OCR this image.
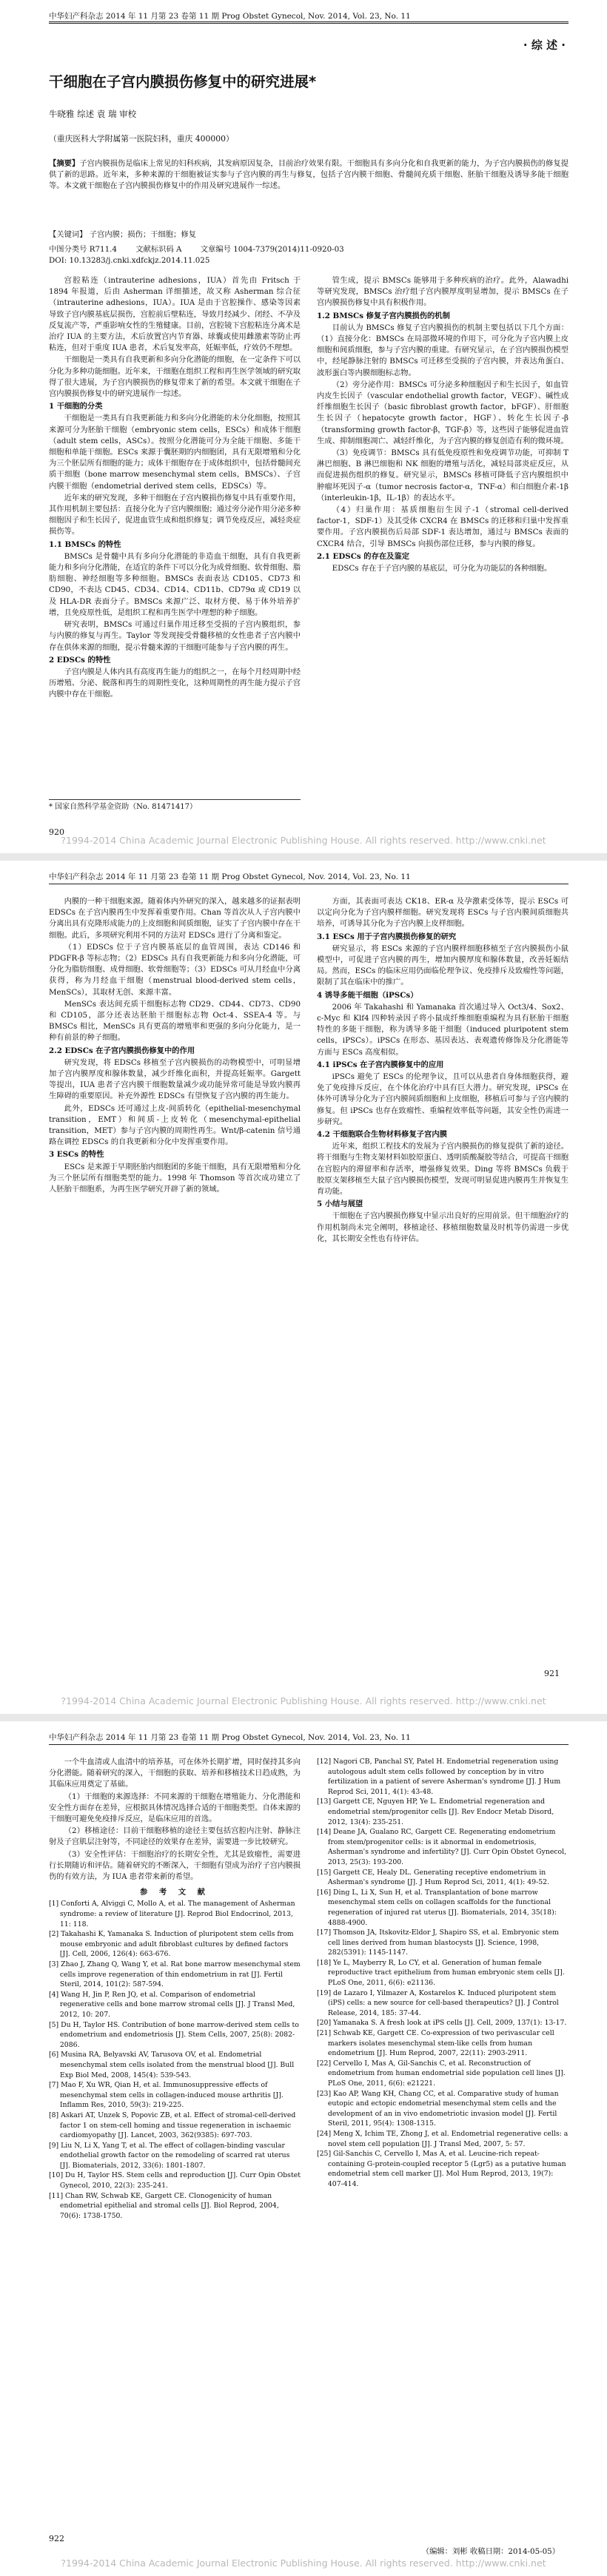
中华妇产科杂志 2014 年 11 月第 23 卷第 11 期 Prog Obstet Gynecol, Nov. 2014, Vol. 23, No. 11
· 综 述 ·
干细胞在子宫内膜损伤修复中的研究进展*
牛晓雅 综述 袁 瑞 审校
（重庆医科大学附属第一医院妇科，重庆 400000）
【摘要】子宫内膜损伤是临床上常见的妇科疾病，其发病原因复杂，目前治疗效果有限。干细胞具有多向分化和自我更新的能力，为子宫内膜损伤的修复提供了新的思路。近年来，多种来源的干细胞被证实参与子宫内膜的再生与修复，包括子宫内膜干细胞、骨髓间充质干细胞、胚胎干细胞及诱导多能干细胞等。本文就干细胞在子宫内膜损伤修复中的作用及研究进展作一综述。
【关键词】 子宫内膜；损伤；干细胞；修复
中图分类号 R711.4 文献标识码 A 文章编号 1004-7379(2014)11-0920-03
DOI: 10.13283/j.cnki.xdfckjz.2014.11.025

宫腔粘连（intrauterine adhesions，IUA）首先由 Fritsch 于 1894 年报道，后由 Asherman 详细描述，故又称 Asherman 综合征（intrauterine adhesions，IUA）。IUA 是由于宫腔操作、感染等因素导致子宫内膜基底层损伤，宫腔前后壁粘连，导致月经减少、闭经、不孕及反复流产等，严重影响女性的生殖健康。目前，宫腔镜下宫腔粘连分离术是治疗 IUA 的主要方法，术后放置宫内节育器、球囊或使用雌激素等防止再粘连，但对于重度 IUA 患者，术后复发率高，妊娠率低，疗效仍不理想。

干细胞是一类具有自我更新和多向分化潜能的细胞，在一定条件下可以分化为多种功能细胞。近年来，干细胞在组织工程和再生医学领域的研究取得了很大进展，为子宫内膜损伤的修复带来了新的希望。本文就干细胞在子宫内膜损伤修复中的研究进展作一综述。

1 干细胞的分类

干细胞是一类具有自我更新能力和多向分化潜能的未分化细胞，按照其来源可分为胚胎干细胞（embryonic stem cells，ESCs）和成体干细胞（adult stem cells，ASCs）。按照分化潜能可分为全能干细胞、多能干细胞和单能干细胞。ESCs 来源于囊胚期的内细胞团，具有无限增殖和分化为三个胚层所有细胞的能力；成体干细胞存在于成体组织中，包括骨髓间充质干细胞（bone marrow mesenchymal stem cells，BMSCs）、子宫内膜干细胞（endometrial derived stem cells，EDSCs）等。

近年来的研究发现，多种干细胞在子宫内膜损伤修复中具有重要作用，其作用机制主要包括：直接分化为子宫内膜细胞；通过旁分泌作用分泌多种细胞因子和生长因子，促进血管生成和组织修复；调节免疫反应，减轻炎症损伤等。

1.1 BMSCs 的特性

BMSCs 是骨髓中具有多向分化潜能的非造血干细胞，具有自我更新能力和多向分化潜能，在适宜的条件下可以分化为成骨细胞、软骨细胞、脂肪细胞、神经细胞等多种细胞。BMSCs 表面表达 CD105、CD73 和 CD90，不表达 CD45、CD34、CD14、CD11b、CD79α 或 CD19 以及 HLA-DR 表面分子。BMSCs 来源广泛、取材方便、易于体外培养扩增，且免疫原性低，是组织工程和再生医学中理想的种子细胞。

研究表明，BMSCs 可通过归巢作用迁移至受损的子宫内膜组织，参与内膜的修复与再生。Taylor 等发现接受骨髓移植的女性患者子宫内膜中存在供体来源的细胞，提示骨髓来源的干细胞可能参与子宫内膜的再生。

2 EDSCs 的特性

子宫内膜是人体内具有高度再生能力的组织之一，在每个月经周期中经历增殖、分泌、脱落和再生的周期性变化，这种周期性的再生能力提示子宫内膜中存在干细胞。

管生成，提示 BMSCs 能够用于多种疾病的治疗。此外，Alawadhi 等研究发现，BMSCs 治疗组子宫内膜厚度明显增加，提示 BMSCs 在子宫内膜损伤修复中具有积极作用。

1.2 BMSCs 修复子宫内膜损伤的机制

目前认为 BMSCs 修复子宫内膜损伤的机制主要包括以下几个方面：（1）直接分化：BMSCs 在局部微环境的作用下，可分化为子宫内膜上皮细胞和间质细胞，参与子宫内膜的重建。有研究显示，在子宫内膜损伤模型中，经尾静脉注射的 BMSCs 可迁移至受损的子宫内膜，并表达角蛋白、波形蛋白等内膜细胞标志物。

（2）旁分泌作用：BMSCs 可分泌多种细胞因子和生长因子，如血管内皮生长因子（vascular endothelial growth factor，VEGF）、碱性成纤维细胞生长因子（basic fibroblast growth factor，bFGF）、肝细胞生长因子（hepatocyte growth factor，HGF）、转化生长因子-β（transforming growth factor-β，TGF-β）等，这些因子能够促进血管生成、抑制细胞凋亡、减轻纤维化，为子宫内膜的修复创造有利的微环境。

（3）免疫调节：BMSCs 具有低免疫原性和免疫调节功能，可抑制 T 淋巴细胞、B 淋巴细胞和 NK 细胞的增殖与活化，减轻局部炎症反应，从而促进损伤组织的修复。研究显示，BMSCs 移植可降低子宫内膜组织中肿瘤坏死因子-α（tumor necrosis factor-α，TNF-α）和白细胞介素-1β（interleukin-1β，IL-1β）的表达水平。

（4）归巢作用：基质细胞衍生因子-1（stromal cell-derived factor-1，SDF-1）及其受体 CXCR4 在 BMSCs 的迁移和归巢中发挥重要作用。子宫内膜损伤后局部 SDF-1 表达增加，通过与 BMSCs 表面的 CXCR4 结合，引导 BMSCs 向损伤部位迁移，参与内膜的修复。

2.1 EDSCs 的存在及鉴定

EDSCs 存在于子宫内膜的基底层，可分化为功能层的各种细胞。

* 国家自然科学基金资助（No. 81471417）
920
?1994-2014 China Academic Journal Electronic Publishing House. All rights reserved. http://www.cnki.net
中华妇产科杂志 2014 年 11 月第 23 卷第 11 期 Prog Obstet Gynecol, Nov. 2014, Vol. 23, No. 11

内膜的一种干细胞来源。随着体内外研究的深入，越来越多的证据表明 EDSCs 在子宫内膜再生中发挥着重要作用。Chan 等首次从人子宫内膜中分离出具有克隆形成能力的上皮细胞和间质细胞，证实了子宫内膜中存在干细胞。此后，多项研究利用不同的方法对 EDSCs 进行了分离和鉴定。

（1）EDSCs 位于子宫内膜基底层的血管周围，表达 CD146 和 PDGFR-β 等标志物；（2）EDSCs 具有自我更新能力和多向分化潜能，可分化为脂肪细胞、成骨细胞、软骨细胞等；（3）EDSCs 可从月经血中分离获得，称为月经血干细胞（menstrual blood-derived stem cells，MenSCs），其取材无创、来源丰富。

MenSCs 表达间充质干细胞标志物 CD29、CD44、CD73、CD90 和 CD105，部分还表达胚胎干细胞标志物 Oct-4、SSEA-4 等。与 BMSCs 相比，MenSCs 具有更高的增殖率和更强的多向分化能力，是一种有前景的种子细胞。

2.2 EDSCs 在子宫内膜损伤修复中的作用

研究发现，将 EDSCs 移植至子宫内膜损伤的动物模型中，可明显增加子宫内膜厚度和腺体数量，减少纤维化面积，并提高妊娠率。Gargett 等提出，IUA 患者子宫内膜干细胞数量减少或功能异常可能是导致内膜再生障碍的重要原因。补充外源性 EDSCs 有望恢复子宫内膜的再生能力。

此外，EDSCs 还可通过上皮-间质转化（epithelial-mesenchymal transition，EMT）和间质-上皮转化（mesenchymal-epithelial transition，MET）参与子宫内膜的周期性再生。Wnt/β-catenin 信号通路在调控 EDSCs 的自我更新和分化中发挥重要作用。

3 ESCs 的特性

ESCs 是来源于早期胚胎内细胞团的多能干细胞，具有无限增殖和分化为三个胚层所有细胞类型的能力。1998 年 Thomson 等首次成功建立了人胚胎干细胞系，为再生医学研究开辟了新的领域。

方面，其表面可表达 CK18、ER-α 及孕激素受体等，提示 ESCs 可以定向分化为子宫内膜样细胞。研究发现将 ESCs 与子宫内膜间质细胞共培养，可诱导其分化为子宫内膜上皮样细胞。

3.1 ESCs 用于子宫内膜损伤修复的研究

研究显示，将 ESCs 来源的子宫内膜样细胞移植至子宫内膜损伤小鼠模型中，可促进子宫内膜的再生，增加内膜厚度和腺体数量，改善妊娠结局。然而，ESCs 的临床应用仍面临伦理争议、免疫排斥及致瘤性等问题，限制了其在临床中的推广。

4 诱导多能干细胞（iPSCs）

2006 年 Takahashi 和 Yamanaka 首次通过导入 Oct3/4、Sox2、c-Myc 和 Klf4 四种转录因子将小鼠成纤维细胞重编程为具有胚胎干细胞特性的多能干细胞，称为诱导多能干细胞（induced pluripotent stem cells，iPSCs）。iPSCs 在形态、基因表达、表观遗传修饰及分化潜能等方面与 ESCs 高度相似。

4.1 iPSCs 在子宫内膜修复中的应用

iPSCs 避免了 ESCs 的伦理争议，且可以从患者自身体细胞获得，避免了免疫排斥反应，在个体化治疗中具有巨大潜力。研究发现，iPSCs 在体外可诱导分化为子宫内膜间质细胞和上皮细胞，移植后可参与子宫内膜的修复。但 iPSCs 也存在致瘤性、重编程效率低等问题，其安全性仍需进一步研究。

4.2 干细胞联合生物材料修复子宫内膜

近年来，组织工程技术的发展为子宫内膜损伤的修复提供了新的途径。将干细胞与生物支架材料如胶原蛋白、透明质酸凝胶等结合，可提高干细胞在宫腔内的滞留率和存活率，增强修复效果。Ding 等将 BMSCs 负载于胶原支架移植至大鼠子宫内膜损伤模型，发现可明显促进内膜再生并恢复生育功能。

5 小结与展望

干细胞在子宫内膜损伤修复中显示出良好的应用前景。但干细胞治疗的作用机制尚未完全阐明，移植途径、移植细胞数量及时机等仍需进一步优化，其长期安全性也有待评估。

921
?1994-2014 China Academic Journal Electronic Publishing House. All rights reserved. http://www.cnki.net
中华妇产科杂志 2014 年 11 月第 23 卷第 11 期 Prog Obstet Gynecol, Nov. 2014, Vol. 23, No. 11

一个牛血清或人血清中的培养基，可在体外长期扩增，同时保持其多向分化潜能。随着研究的深入，干细胞的获取、培养和移植技术日趋成熟，为其临床应用奠定了基础。

（1）干细胞的来源选择：不同来源的干细胞在增殖能力、分化潜能和安全性方面存在差异，应根据具体情况选择合适的干细胞类型。自体来源的干细胞可避免免疫排斥反应，是临床应用的首选。

（2）移植途径：目前干细胞移植的途径主要包括宫腔内注射、静脉注射及子宫肌层注射等，不同途径的效果存在差异，需要进一步比较研究。

（3）安全性评估：干细胞治疗的长期安全性，尤其是致瘤性，需要进行长期随访和评估。随着研究的不断深入，干细胞有望成为治疗子宫内膜损伤的有效方法，为 IUA 患者带来新的希望。

参 考 文 献

[1] Conforti A, Alviggi C, Mollo A, et al. The management of Asherman syndrome: a review of literature [J]. Reprod Biol Endocrinol, 2013, 11: 118.

[2] Takahashi K, Yamanaka S. Induction of pluripotent stem cells from mouse embryonic and adult fibroblast cultures by defined factors [J]. Cell, 2006, 126(4): 663-676.

[3] Zhao J, Zhang Q, Wang Y, et al. Rat bone marrow mesenchymal stem cells improve regeneration of thin endometrium in rat [J]. Fertil Steril, 2014, 101(2): 587-594.

[4] Wang H, Jin P, Ren JQ, et al. Comparison of endometrial regenerative cells and bone marrow stromal cells [J]. J Transl Med, 2012, 10: 207.

[5] Du H, Taylor HS. Contribution of bone marrow-derived stem cells to endometrium and endometriosis [J]. Stem Cells, 2007, 25(8): 2082-2086.

[6] Musina RA, Belyavski AV, Tarusova OV, et al. Endometrial mesenchymal stem cells isolated from the menstrual blood [J]. Bull Exp Biol Med, 2008, 145(4): 539-543.

[7] Mao F, Xu WR, Qian H, et al. Immunosuppressive effects of mesenchymal stem cells in collagen-induced mouse arthritis [J]. Inflamm Res, 2010, 59(3): 219-225.

[8] Askari AT, Unzek S, Popovic ZB, et al. Effect of stromal-cell-derived factor 1 on stem-cell homing and tissue regeneration in ischaemic cardiomyopathy [J]. Lancet, 2003, 362(9385): 697-703.

[9] Liu N, Li X, Yang T, et al. The effect of collagen-binding vascular endothelial growth factor on the remodeling of scarred rat uterus [J]. Biomaterials, 2012, 33(6): 1801-1807.

[10] Du H, Taylor HS. Stem cells and reproduction [J]. Curr Opin Obstet Gynecol, 2010, 22(3): 235-241.

[11] Chan RW, Schwab KE, Gargett CE. Clonogenicity of human endometrial epithelial and stromal cells [J]. Biol Reprod, 2004, 70(6): 1738-1750.

[12] Nagori CB, Panchal SY, Patel H. Endometrial regeneration using autologous adult stem cells followed by conception by in vitro fertilization in a patient of severe Asherman's syndrome [J]. J Hum Reprod Sci, 2011, 4(1): 43-48.

[13] Gargett CE, Nguyen HP, Ye L. Endometrial regeneration and endometrial stem/progenitor cells [J]. Rev Endocr Metab Disord, 2012, 13(4): 235-251.

[14] Deane JA, Gualano RC, Gargett CE. Regenerating endometrium from stem/progenitor cells: is it abnormal in endometriosis, Asherman's syndrome and infertility? [J]. Curr Opin Obstet Gynecol, 2013, 25(3): 193-200.

[15] Gargett CE, Healy DL. Generating receptive endometrium in Asherman's syndrome [J]. J Hum Reprod Sci, 2011, 4(1): 49-52.

[16] Ding L, Li X, Sun H, et al. Transplantation of bone marrow mesenchymal stem cells on collagen scaffolds for the functional regeneration of injured rat uterus [J]. Biomaterials, 2014, 35(18): 4888-4900.

[17] Thomson JA, Itskovitz-Eldor J, Shapiro SS, et al. Embryonic stem cell lines derived from human blastocysts [J]. Science, 1998, 282(5391): 1145-1147.

[18] Ye L, Mayberry R, Lo CY, et al. Generation of human female reproductive tract epithelium from human embryonic stem cells [J]. PLoS One, 2011, 6(6): e21136.

[19] de Lazaro I, Yilmazer A, Kostarelos K. Induced pluripotent stem (iPS) cells: a new source for cell-based therapeutics? [J]. J Control Release, 2014, 185: 37-44.

[20] Yamanaka S. A fresh look at iPS cells [J]. Cell, 2009, 137(1): 13-17.

[21] Schwab KE, Gargett CE. Co-expression of two perivascular cell markers isolates mesenchymal stem-like cells from human endometrium [J]. Hum Reprod, 2007, 22(11): 2903-2911.

[22] Cervello I, Mas A, Gil-Sanchis C, et al. Reconstruction of endometrium from human endometrial side population cell lines [J]. PLoS One, 2011, 6(6): e21221.

[23] Kao AP, Wang KH, Chang CC, et al. Comparative study of human eutopic and ectopic endometrial mesenchymal stem cells and the development of an in vivo endometriotic invasion model [J]. Fertil Steril, 2011, 95(4): 1308-1315.

[24] Meng X, Ichim TE, Zhong J, et al. Endometrial regenerative cells: a novel stem cell population [J]. J Transl Med, 2007, 5: 57.

[25] Gil-Sanchis C, Cervello I, Mas A, et al. Leucine-rich repeat-containing G-protein-coupled receptor 5 (Lgr5) as a putative human endometrial stem cell marker [J]. Mol Hum Reprod, 2013, 19(7): 407-414.

（编辑：刘彬 收稿日期：2014-05-05）
922
?1994-2014 China Academic Journal Electronic Publishing House. All rights reserved. http://www.cnki.net
